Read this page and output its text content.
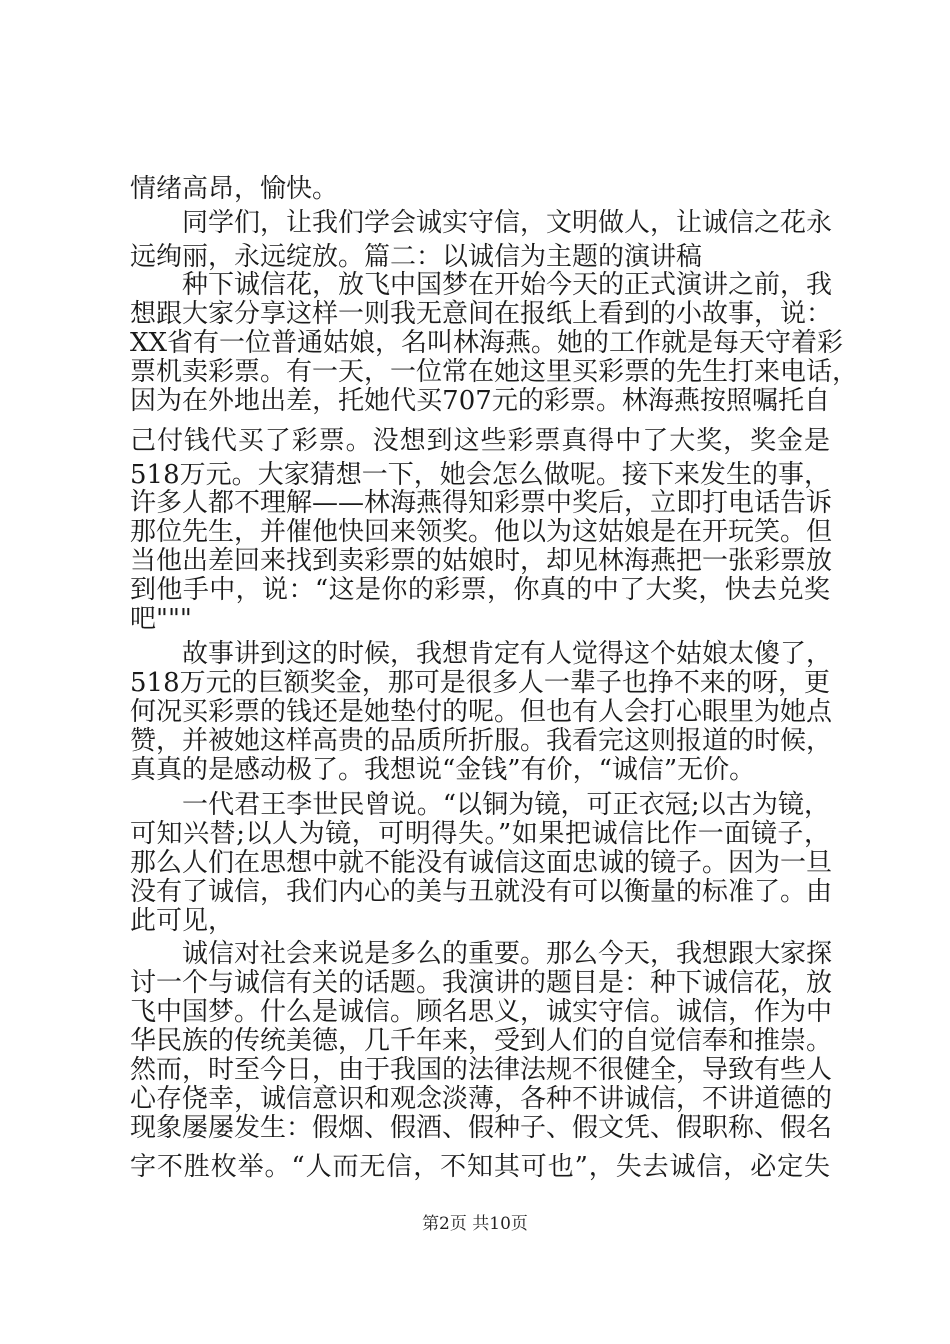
情绪高昂，愉快。
同学们，让我们学会诚实守信，文明做人，让诚信之花永
远绚丽，永远绽放。篇二：以诚信为主题的演讲稿
种下诚信花，放飞中国梦在开始今天的正式演讲之前，我
想跟大家分享这样一则我无意间在报纸上看到的小故事，说：
XX省有一位普通姑娘，名叫林海燕。她的工作就是每天守着彩
票机卖彩票。有一天，一位常在她这里买彩票的先生打来电话，
因为在外地出差，托她代买707元的彩票。林海燕按照嘱托自
己付钱代买了彩票。没想到这些彩票真得中了大奖，奖金是
518万元。大家猜想一下，她会怎么做呢。接下来发生的事，
许多人都不理解——林海燕得知彩票中奖后，立即打电话告诉
那位先生，并催他快回来领奖。他以为这姑娘是在开玩笑。但
当他出差回来找到卖彩票的姑娘时，却见林海燕把一张彩票放
到他手中，说：“这是你的彩票，你真的中了大奖，快去兑奖
吧"""
故事讲到这的时候，我想肯定有人觉得这个姑娘太傻了，
518万元的巨额奖金，那可是很多人一辈子也挣不来的呀，更
何况买彩票的钱还是她垫付的呢。但也有人会打心眼里为她点
赞，并被她这样高贵的品质所折服。我看完这则报道的时候，
真真的是感动极了。我想说“金钱”有价，“诚信”无价。
一代君王李世民曾说。“以铜为镜，可正衣冠;以古为镜，
可知兴替;以人为镜，可明得失。”如果把诚信比作一面镜子，
那么人们在思想中就不能没有诚信这面忠诚的镜子。因为一旦
没有了诚信，我们内心的美与丑就没有可以衡量的标准了。由
此可见，
诚信对社会来说是多么的重要。那么今天，我想跟大家探
讨一个与诚信有关的话题。我演讲的题目是：种下诚信花，放
飞中国梦。什么是诚信。顾名思义，诚实守信。诚信，作为中
华民族的传统美德，几千年来，受到人们的自觉信奉和推崇。
然而，时至今日，由于我国的法律法规不很健全，导致有些人
心存侥幸，诚信意识和观念淡薄，各种不讲诚信，不讲道德的
现象屡屡发生：假烟、假酒、假种子、假文凭、假职称、假名
字不胜枚举。“人而无信，不知其可也”，失去诚信，必定失
第2页 共10页
